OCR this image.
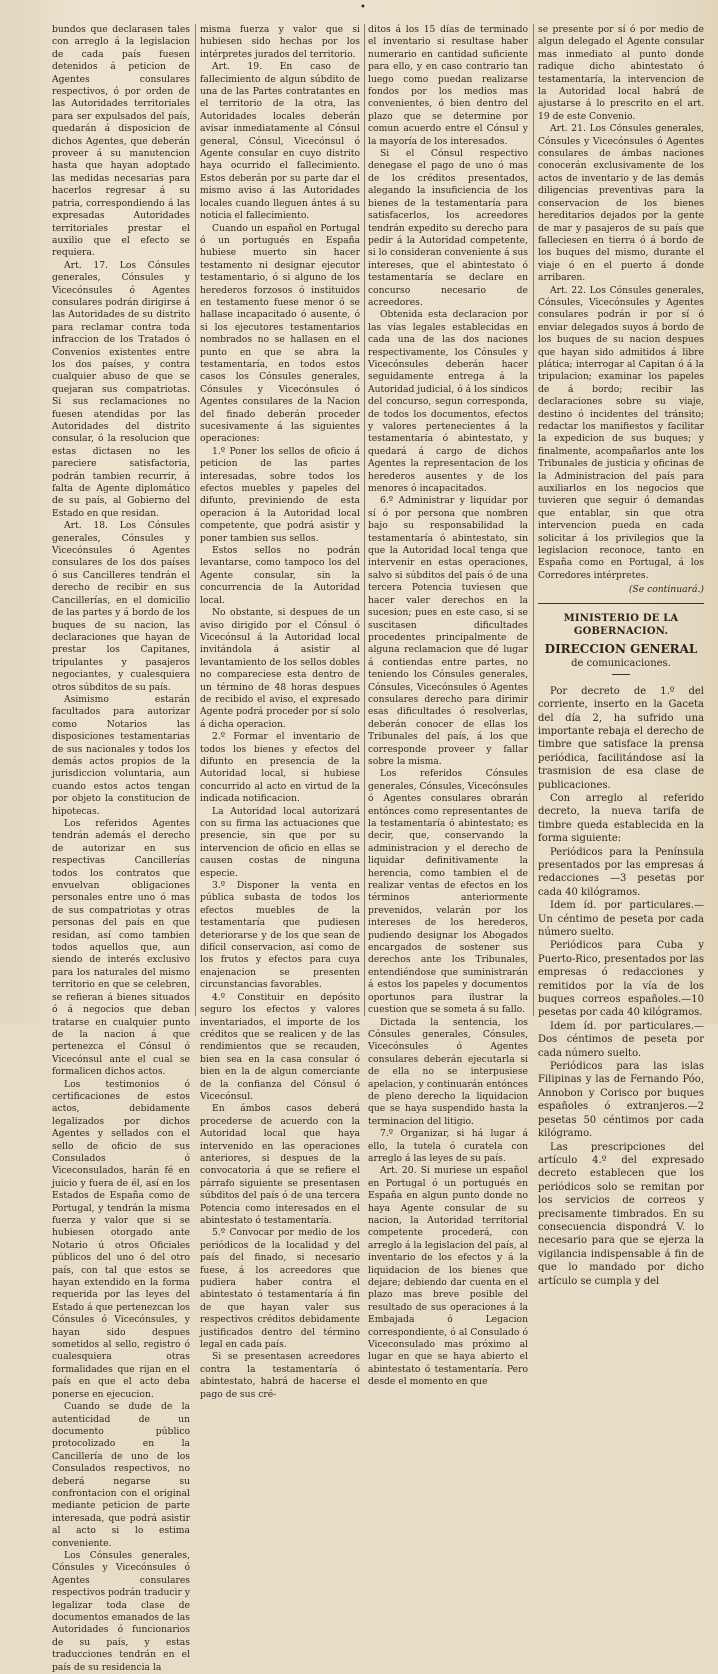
•

bundos que declarasen tales con arreglo á la legislacion de cada país fuesen detenidos á peticion de Agentes consulares respectivos, ó por orden de las Autoridades territoriales para ser expulsados del país, quedarán á disposicion de dichos Agentes, que deberán proveer á su manutencion hasta que hayan adoptado las medidas necesarias para hacerlos regresar á su patria, correspondiendo á las expresadas Autoridades territoriales prestar el auxilio que el efecto se requiera.

Art. 17. Los Cónsules generales, Cónsules y Vicecónsules ó Agentes consulares podrán dirigirse á las Autoridades de su distrito para reclamar contra toda infraccion de los Tratados ó Convenios existentes entre los dos países, y contra cualquier abuso de que se quejaran sus compatriotas. Si sus reclamaciones no fuesen atendidas por las Autoridades del distrito consular, ó la resolucion que estas dictasen no les pareciere satisfactoria, podrán tambien recurrir, á falta de Agente diplomático de su país, al Gobierno del Estado en que residan.

Art. 18. Los Cónsules generales, Cónsules y Vicecónsules ó Agentes consulares de los dos países ó sus Cancilleres tendrán el derecho de recibir en sus Cancillerías, en el domicilio de las partes y á bordo de los buques de su nacion, las declaraciones que hayan de prestar los Capitanes, tripulantes y pasajeros negociantes, y cualesquiera otros súbditos de su país.

Asimismo estarán facultados para autorizar como Notarios las disposiciones testamentarias de sus nacionales y todos los demás actos propios de la jurisdiccion voluntaria, aun cuando estos actos tengan por objeto la constitucion de hipotecas.

Los referidos Agentes tendrán además el derecho de autorizar en sus respectivas Cancillerías todos los contratos que envuelvan obligaciones personales entre uno ó mas de sus compatriotas y otras personas del país en que residan, así como tambien todos aquellos que, aun siendo de interés exclusivo para los naturales del mismo territorio en que se celebren, se refieran á bienes situados ó á negocios que deban tratarse en cualquier punto de la nacion á que pertenezca el Cónsul ó Vicecónsul ante el cual se formalicen dichos actos.

Los testimonios ó certificaciones de estos actos, debidamente legalizados por dichos Agentes y sellados con el sello de oficio de sus Consulados ó Viceconsulados, harán fé en juicio y fuera de él, así en los Estados de España como de Portugal, y tendrán la misma fuerza y valor que si se hubiesen otorgado ante Notario ú otros Oficiales públicos del uno ó del otro país, con tal que estos se hayan extendido en la forma requerida por las leyes del Estado á que pertenezcan los Cónsules ó Vicecónsules, y hayan sido despues sometidos al sello, registro ó cualesquiera otras formalidades que rijan en el país en que el acto deba ponerse en ejecucion.

Cuando se dude de la autenticidad de un documento público protocolizado en la Cancillería de uno de los Consulados respectivos, no deberá negarse su confrontacion con el original mediante peticion de parte interesada, que podrá asistir al acto si lo estima conveniente.

Los Cónsules generales, Cónsules y Vicecónsules ó Agentes consulares respectivos podrán traducir y legalizar toda clase de documentos emanados de las Autoridades ó funcionarios de su país, y estas traducciones tendrán en el país de su residencia la

misma fuerza y valor que si hubiesen sido hechas por los intérpretes jurados del territorio.

Art. 19. En caso de fallecimiento de algun súbdito de una de las Partes contratantes en el territorio de la otra, las Autoridades locales deberán avisar inmediatamente al Cónsul general, Cónsul, Vicecónsul ó Agente consular en cuyo distrito haya ocurrido el fallecimiento. Estos deberán por su parte dar el mismo aviso á las Autoridades locales cuando lleguen ántes á su noticia el fallecimiento.

Cuando un español en Portugal ó un portugués en España hubiese muerto sin hacer testamento ni designar ejecutor testamentario, ó si alguno de los herederos forzosos ó instituidos en testamento fuese menor ó se hallase incapacitado ó ausente, ó si los ejecutores testamentarios nombrados no se hallasen en el punto en que se abra la testamentaría, en todos estos casos los Cónsules generales, Cónsules y Vicecónsules ó Agentes consulares de la Nacion del finado deberán proceder sucesivamente á las siguientes operaciones:

1.º Poner los sellos de oficio á peticion de las partes interesadas, sobre todos los efectos muebles y papeles del difunto, previniendo de esta operacion á la Autoridad local competente, que podrá asistir y poner tambien sus sellos.

Estos sellos no podrán levantarse, como tampoco los del Agente consular, sin la concurrencia de la Autoridad local.

No obstante, si despues de un aviso dirigido por el Cónsul ó Vicecónsul á la Autoridad local invitándola á asistir al levantamiento de los sellos dobles no compareciese esta dentro de un término de 48 horas despues de recibido el aviso, el expresado Agente podrá proceder por sí solo á dicha operacion.

2.º Formar el inventario de todos los bienes y efectos del difunto en presencia de la Autoridad local, si hubiese concurrido al acto en virtud de la indicada notificacion.

La Autoridad local autorizará con su firma las actuaciones que presencie, sin que por su intervencion de oficio en ellas se causen costas de ninguna especie.

3.º Disponer la venta en pública subasta de todos los efectos muebles de la testamentaría que pudiesen deteriorarse y de los que sean de difícil conservacion, así como de los frutos y efectos para cuya enajenacion se presenten circunstancias favorables.

4.º Constituir en depósito seguro los efectos y valores inventariados, el importe de los créditos que se realicen y de las rendimientos que se recauden, bien sea en la casa consular ó bien en la de algun comerciante de la confianza del Cónsul ó Vicecónsul.

En ámbos casos deberá procederse de acuerdo con la Autoridad local que haya intervenido en las operaciones anteriores, si despues de la convocatoria á que se refiere el párrafo siguiente se presentasen súbditos del país ó de una tercera Potencia como interesados en el abintestato ó testamentaría.

5.º Convocar por medio de los periódicos de la localidad y del país del finado, si necesario fuese, á los acreedores que pudiera haber contra el abintestato ó testamentaría á fin de que hayan valer sus respectivos créditos debidamente justificados dentro del término legal en cada país.

Si se presentasen acreedores contra la testamentaría ó abintestato, habrá de hacerse el pago de sus cré-

ditos á los 15 días de terminado el inventario si resultase haber numerario en cantidad suficiente para ello, y en caso contrario tan luego como puedan realizarse fondos por los medios mas convenientes, ó bien dentro del plazo que se determine por comun acuerdo entre el Cónsul y la mayoría de los interesados.

Si el Cónsul respectivo denegase el pago de uno ó mas de los créditos presentados, alegando la insuficiencia de los bienes de la testamentaría para satisfacerlos, los acreedores tendrán expedito su derecho para pedir á la Autoridad competente, si lo consideran conveniente á sus intereses, que el abintestato ó testamentaría se declare en concurso necesario de acreedores.

Obtenida esta declaracion por las vías legales establecidas en cada una de las dos naciones respectivamente, los Cónsules y Vicecónsules deberán hacer seguidamente entrega á la Autoridad judicial, ó á los síndicos del concurso, segun corresponda, de todos los documentos, efectos y valores pertenecientes á la testamentaría ó abintestato, y quedará á cargo de dichos Agentes la representacion de los herederos ausentes y de los menores ó incapacitados.

6.º Administrar y liquidar por sí ó por persona que nombren bajo su responsabilidad la testamentaría ó abintestato, sin que la Autoridad local tenga que intervenir en estas operaciones, salvo si súbditos del país ó de una tercera Potencia tuviesen que hacer valer derechos en la sucesion; pues en este caso, si se suscitasen dificultades procedentes principalmente de alguna reclamacion que dé lugar á contiendas entre partes, no teniendo los Cónsules generales, Cónsules, Vicecónsules ó Agentes consulares derecho para dirimir esas dificultades ó resolverlas, deberán conocer de ellas los Tribunales del país, á los que corresponde proveer y fallar sobre la misma.

Los referidos Cónsules generales, Cónsules, Vicecónsules ó Agentes consulares obrarán entónces como representantes de la testamentaría ó abintestato; es decir, que, conservando la administracion y el derecho de liquidar definitivamente la herencia, como tambien el de realizar ventas de efectos en los términos anteriormente prevenidos, velarán por los intereses de los herederos, pudiendo designar los Abogados encargados de sostener sus derechos ante los Tribunales, entendiéndose que suministrarán á estos los papeles y documentos oportunos para ilustrar la cuestion que se someta á su fallo.

Dictada la sentencia, los Cónsules generales, Cónsules, Vicecónsules ó Agentes consulares deberán ejecutarla si de ella no se interpusiese apelacion, y continuarán entónces de pleno derecho la liquidacion que se haya suspendido hasta la terminacion del litigio.

7.º Organizar, si há lugar á ello, la tutela ó curatela con arreglo á las leyes de su país.

Art. 20. Si muriese un español en Portugal ó un portugués en España en algun punto donde no haya Agente consular de su nacion, la Autoridad territorial competente procederá, con arreglo á la legislacion del país, al inventario de los efectos y á la liquidacion de los bienes que dejare; debiendo dar cuenta en el plazo mas breve posible del resultado de sus operaciones á la Embajada ó Legacion correspondiente, ó al Consulado ó Viceconsulado mas próximo al lugar en que se haya abierto el abintestato ó testamentaría. Pero desde el momento en que

se presente por sí ó por medio de algun delegado el Agente consular mas inmediato al punto donde radique dicho abintestato ó testamentaría, la intervencion de la Autoridad local habrá de ajustarse á lo prescrito en el art. 19 de este Convenio.

Art. 21. Los Cónsules generales, Cónsules y Vicecónsules ó Agentes consulares de ámbas naciones conocerán exclusivamente de los actos de inventario y de las demás diligencias preventivas para la conservacion de los bienes hereditarios dejados por la gente de mar y pasajeros de su país que falleciesen en tierra ó á bordo de los buques del mismo, durante el viaje ó en el puerto á donde arribaren.

Art. 22. Los Cónsules generales, Cónsules, Vicecónsules y Agentes consulares podrán ir por sí ó enviar delegados suyos á bordo de los buques de su nacion despues que hayan sido admitidos á libre plática; interrogar al Capitan ó á la tripulacion; examinar los papeles de á bordo; recibir las declaraciones sobre su viaje, destino ó incidentes del tránsito; redactar los manifiestos y facilitar la expedicion de sus buques; y finalmente, acompañarlos ante los Tribunales de justicia y oficinas de la Administracion del país para auxiliarlos en los negocios que tuvieren que seguir ó demandas que entablar, sin que otra intervencion pueda en cada solicitar á los privilegios que la legislacion reconoce, tanto en España como en Portugal, á los Corredores intérpretes.

(Se continuará.)
MINISTERIO DE LA GOBERNACION.
DIRECCION GENERAL
de comunicaciones.

Por decreto de 1.º del corriente, inserto en la Gaceta del día 2, ha sufrido una importante rebaja el derecho de timbre que satisface la prensa periódica, facilitándose así la trasmision de esa clase de publicaciones.

Con arreglo al referido decreto, la nueva tarifa de timbre queda establecida en la forma siguiente:

Periódicos para la Península presentados por las empresas á redacciones —3 pesetas por cada 40 kilógramos.

Idem íd. por particulares.—Un céntimo de peseta por cada número suelto.

Periódicos para Cuba y Puerto-Rico, presentados por las empresas ó redacciones y remitidos por la vía de los buques correos españoles.—10 pesetas por cada 40 kilógramos.

Idem íd. por particulares.—Dos céntimos de peseta por cada número suelto.

Periódicos para las islas Filipinas y las de Fernando Póo, Annobon y Corisco por buques españoles ó extranjeros.—2 pesetas 50 céntimos por cada kilógramo.

Las prescripciones del artículo 4.º del expresado decreto establecen que los periódicos solo se remitan por los servicios de correos y precisamente timbrados. En su consecuencia dispondrá V. lo necesario para que se ejerza la vigilancia indispensable á fin de que lo mandado por dicho artículo se cumpla y del
